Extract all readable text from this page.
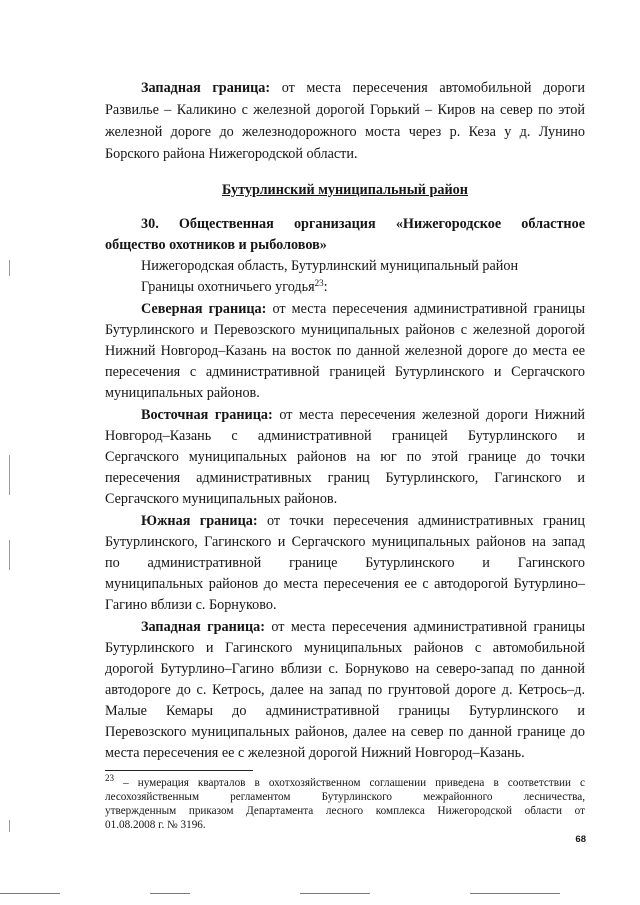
Западная граница: от места пересечения автомобильной дороги
Развилье – Каликино с железной дорогой Горький – Киров на север по этой
железной дороге до железнодорожного моста через р. Кеза у д. Лунино
Борского района Нижегородской области.
Бутурлинский муниципальный район
30. Общественная организация «Нижегородское областное
общество охотников и рыболовов»
Нижегородская область, Бутурлинский муниципальный район
Границы охотничьего угодья$^{23}$:
Северная граница: от места пересечения административной границы
Бутурлинского и Перевозского муниципальных районов с железной дорогой
Нижний Новгород–Казань на восток по данной железной дороге до места ее
пересечения с административной границей Бутурлинского и Сергачского
муниципальных районов.
Восточная граница: от места пересечения железной дороги Нижний
Новгород–Казань с административной границей Бутурлинского и
Сергачского муниципальных районов на юг по этой границе до точки
пересечения административных границ Бутурлинского, Гагинского и
Сергачского муниципальных районов.
Южная граница: от точки пересечения административных границ
Бутурлинского, Гагинского и Сергачского муниципальных районов на запад
по административной границе Бутурлинского и Гагинского
муниципальных районов до места пересечения ее с автодорогой Бутурлино–
Гагино вблизи с. Борнуково.
Западная граница: от места пересечения административной границы
Бутурлинского и Гагинского муниципальных районов с автомобильной
дорогой Бутурлино–Гагино вблизи с. Борнуково на северо-запад по данной
автодороге до с. Кетрось, далее на запад по грунтовой дороге д. Кетрось–д.
Малые Кемары до административной границы Бутурлинского и
Перевозского муниципальных районов, далее на север по данной границе до
места пересечения ее с железной дорогой Нижний Новгород–Казань.
$^{23}$ – нумерация кварталов в охотхозяйственном соглашении приведена в соответствии с
лесохозяйственным регламентом Бутурлинского межрайонного лесничества,
утвержденным приказом Департамента лесного комплекса Нижегородской области от
01.08.2008 г. № 3196.
68
